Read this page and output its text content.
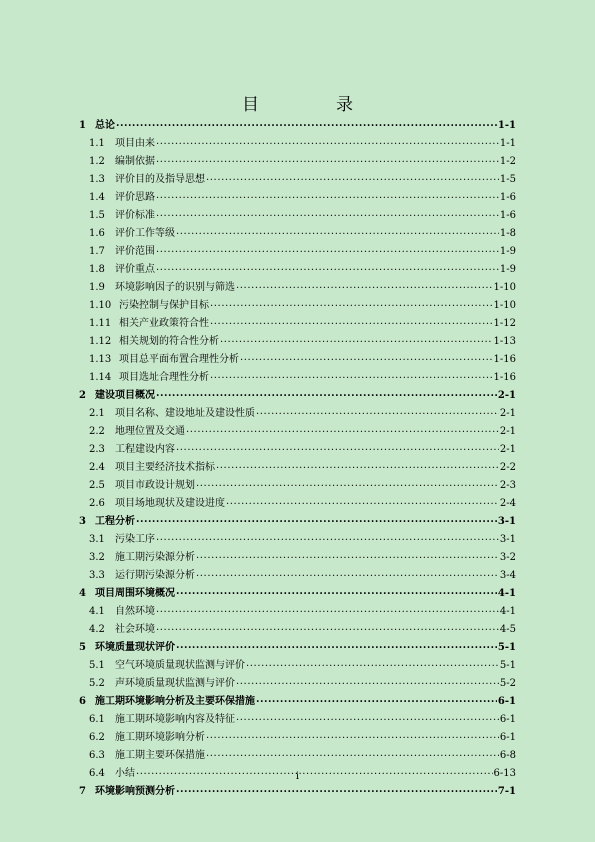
目　录
1 总论 .....	1-1
1.1	项目由来 .....	1-1
1.2	编制依据 .....	1-2
1.3	评价目的及指导思想 .....	1-5
1.4	评价思路 .....	1-6
1.5	评价标准 .....	1-6
1.6	评价工作等级 .....	1-8
1.7	评价范围 .....	1-9
1.8	评价重点 .....	1-9
1.9	环境影响因子的识别与筛选 .....	1-10
1.10 污染控制与保护目标 .....	1-10
1.11 相关产业政策符合性 .....	1-12
1.12 相关规划的符合性分析 .....	1-13
1.13 项目总平面布置合理性分析 .....	1-16
1.14 项目选址合理性分析 .....	1-16
2 建设项目概况 .....	2-1
2.1	项目名称、建设地址及建设性质 .....	2-1
2.2	地理位置及交通 .....	2-1
2.3	工程建设内容 .....	2-1
2.4	项目主要经济技术指标 .....	2-2
2.5	项目市政设计规划 .....	2-3
2.6	项目场地现状及建设进度 .....	2-4
3 工程分析 .....	3-1
3.1	污染工序 .....	3-1
3.2	施工期污染源分析 .....	3-2
3.3	运行期污染源分析 .....	3-4
4 项目周围环境概况 .....	4-1
4.1	自然环境 .....	4-1
4.2	社会环境 .....	4-5
5 环境质量现状评价 .....	5-1
5.1	空气环境质量现状监测与评价 .....	5-1
5.2	声环境质量现状监测与评价 .....	5-2
6 施工期环境影响分析及主要环保措施 .....	6-1
6.1	施工期环境影响内容及特征 .....	6-1
6.2	施工期环境影响分析 .....	6-1
6.3	施工期主要环保措施 .....	6-8
6.4	小结 .....	6-13
7 环境影响预测分析 .....	7-1
i
